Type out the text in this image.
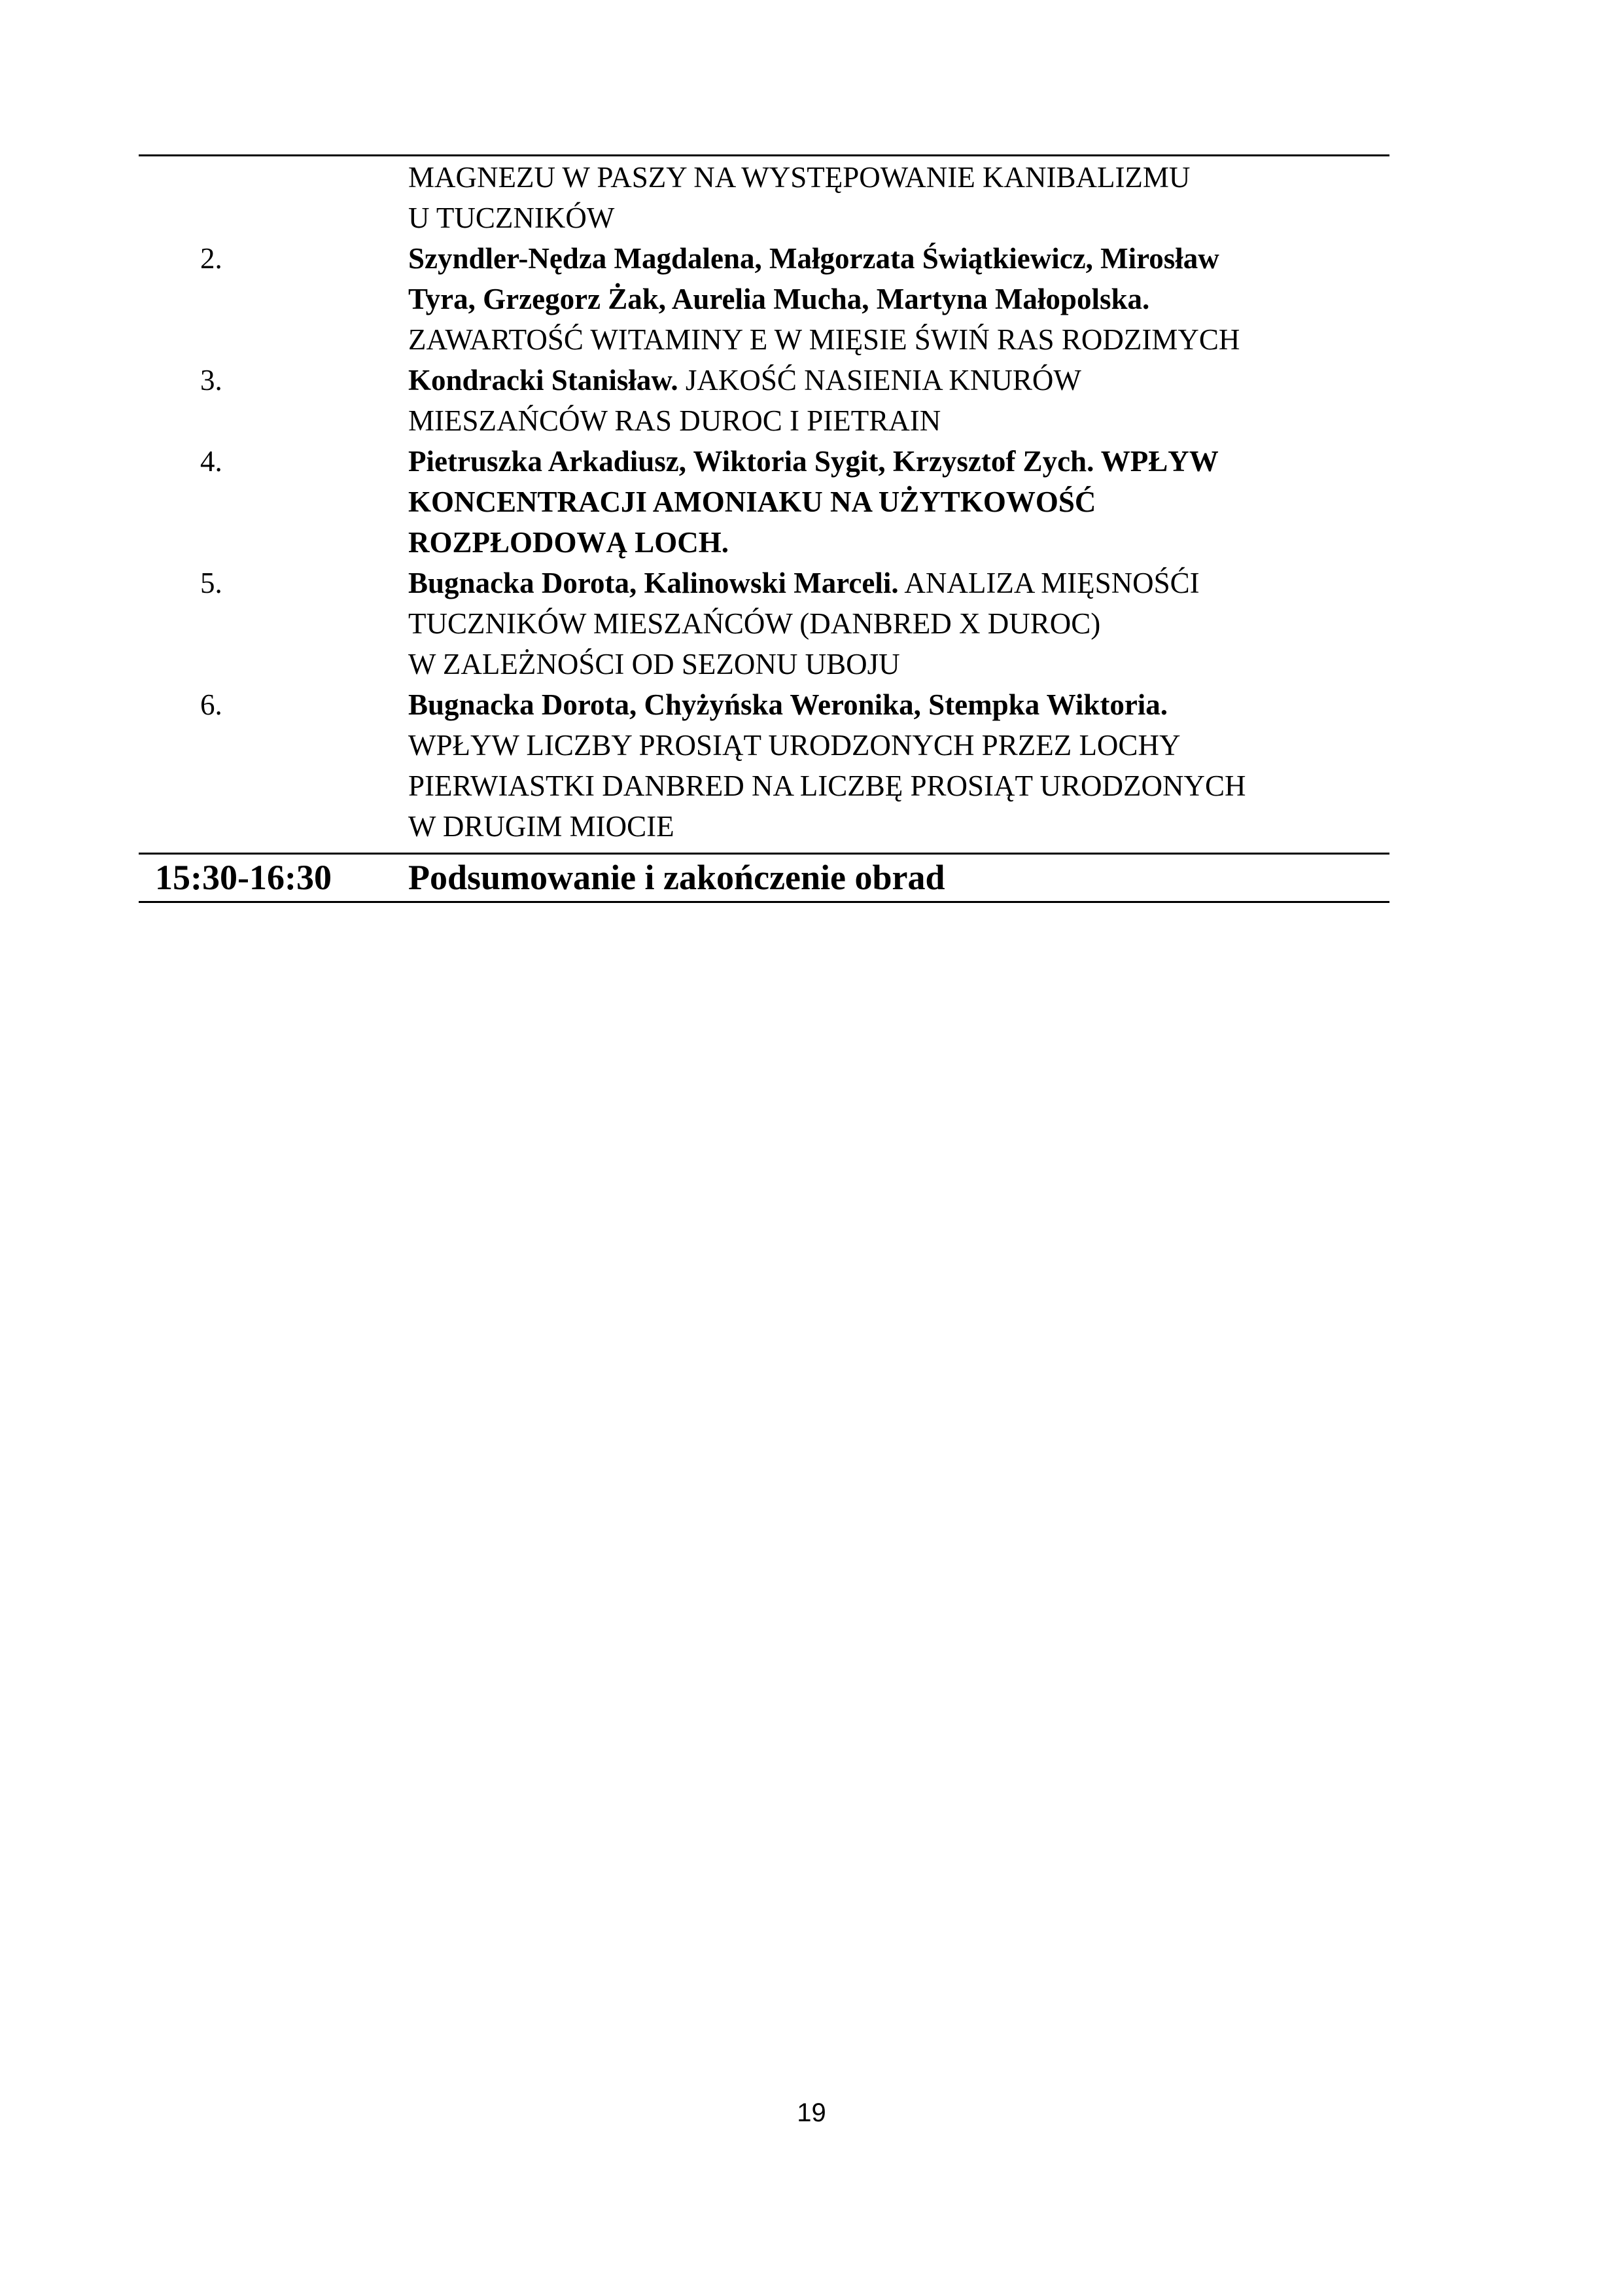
MAGNEZU W PASZY NA WYSTĘPOWANIE KANIBALIZMU
U TUCZNIKÓW
2.	Szyndler-Nędza Magdalena, Małgorzata Świątkiewicz, Mirosław
Tyra, Grzegorz Żak, Aurelia Mucha, Martyna Małopolska.
ZAWARTOŚĆ WITAMINY E W MIĘSIE ŚWIŃ RAS RODZIMYCH
3.	Kondracki Stanisław. JAKOŚĆ NASIENIA KNURÓW
MIESZAŃCÓW RAS DUROC I PIETRAIN
4.	Pietruszka Arkadiusz, Wiktoria Sygit, Krzysztof Zych. WPŁYW
KONCENTRACJI AMONIAKU NA UŻYTKOWOŚĆ
ROZPŁODOWĄ LOCH.
5.	Bugnacka Dorota, Kalinowski Marceli. ANALIZA MIĘSNOŚĆI
TUCZNIKÓW MIESZAŃCÓW (DANBRED X DUROC)
W ZALEŻNOŚCI OD SEZONU UBOJU
6.	Bugnacka Dorota, Chyżyńska Weronika, Stempka Wiktoria.
WPŁYW LICZBY PROSIĄT URODZONYCH PRZEZ LOCHY
PIERWIASTKI DANBRED NA LICZBĘ PROSIĄT URODZONYCH
W DRUGIM MIOCIE
15:30-16:30 Podsumowanie i zakończenie obrad
19
